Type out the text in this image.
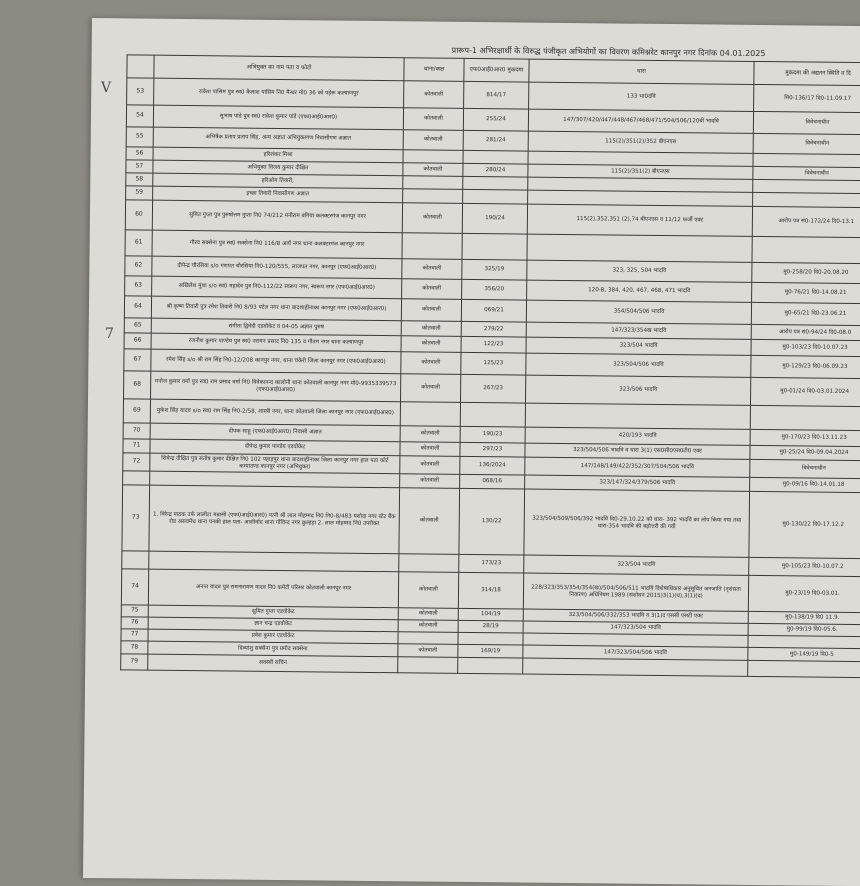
प्रारूप-1 अभिरक्षार्थी के विरुद्ध पंजीकृत अभियोगों का विवरण कमिश्नरेट कानपुर नगर दिनांक 04.01.2025
	अभियुक्त का नाम पता व फोटो	थाना/कक्ष	एफ0आई0आर0 मुकदमा	धारा	मुकदमा की अद्यतन स्थिति व दि
53	राकेश पासिम पुत्र स्व0 कैलाश पासिम नि0 मैन्धर मो0 36 को पड़ेरू कल्याणपुर	कोतवाली	814/17	133 भा0दंवि	मि0-136/17 दि0-11.09.17
54	सुभाष पांडे पुत्र स्व0 राकेश कुमार पांडे (एफ0आई0आर0)	कोतवाली	255/24	147/307/420/447/448/467/468/471/504/506/120बी भादवि	विवेचनाधीन
55	अभिषेक प्रताप प्रताप सिंह, अन्य अज्ञात अभियुक्तगण निवासीगण अज्ञात	कोतवाली	281/24	115(2)/351(2)/352 बीएनएस	विवेचनाधीन
56	हरिशंकर मिश्रा				
57	अभियुक्त विजय कुमार दीक्षित	कोतवाली	280/24	115(2)/351(2) बीएनएस	विवेचनाधीन
58	हरिओम तिवारी,				
59	इच्छा तिवारी निवासीगण अज्ञात				
60	सुमित गुप्ता पुत्र पुरुषोत्तम गुप्ता नि0 74/212 मनीराम बगिया कलक्टरगंज कानपुर नगर	कोतवाली	190/24	115(2),352,351 (2),74 बीएनएस व 11/12 फर्जी एक्ट	आरोप पत्र सं0-172/24 दि0-13.1
61	गौरव सक्सेना पुत्र स्व0 सक्सेना नि0 116/8 आर्य नगर थाना कलक्टरगंज कानपुर नगर				
62	दीपेन्द्र चौरसिया s/o गणपत चौरसिया नि0-120/555, लाजपत नगर, कानपुर (एफ0आई0आर0)	कोतवाली	325/19	323, 325, 504 भादवि	मु0-258/20 दि0-20.08.20
63	अखिलेश मुंशा s/o स्व0 महादेव पुत्र नि0-112/22 स्वरूप नगर, स्वरूप नगर (एफ0आई0आर0)	कोतवाली	356/20	120-B, 384, 420, 467, 468, 471 भादवि	मु0-76/21 दि0-14.08.21
64	श्री कृष्ण तिवारी पुत्र रमेश तिवारी नि0 8/93 पटेल नगर थाना बादशाहीनाका कानपुर नगर (एफ0आई0आर0)	कोतवाली	069/21	354/504/506 भादवि	मु0-65/21 दि0-23.06.21
65	संगीता द्विवेदी एडवोकेट व 04-05 अज्ञात पुरुष	कोतवाली	279/22	147/323/354ख भादवि	आरोप पत्र सं0-94/24 दि0-08.0
66	रजनीश कुमार पाण्डेय पुत्र स्व0 नरायन प्रसाद नि0 135 व गौतम नगर थाना कल्याणपुर	कोतवाली	122/23	323/504 भादवि	मु0-103/23 दि0-10.07.23
67	रमेश सिंह s/o श्री राम सिंह नि0-12/208 कानपुर नगर, थाना चकेरी जिला कानपुर नगर (एफ0आई0आर0)	कोतवाली	125/23	323/504/506 भादवि	मु0-129/23 दि0-06.09.23
68	मनोज कुमार वर्मा पुत्र स्व0 राम प्रसाद वर्मा नि0 विवेकानन्द कालोनी थाना कोतवाली कानपुर नगर मो0-9935339573 (एफ0आई0आर0)	कोतवाली	267/23	323/506 भादवि	मु0-01/24 दि0-03.01.2024
69	मुकेश सिंह यादव s/o स्व0 राम सिंह नि0-2/58, शास्त्री नगर, थाना कोतवाली जिला कानपुर नगर (एफ0आई0आर0)				
70	दीपक साहू (एफ0आई0आर0) निवासी अज्ञात	कोतवाली	190/23	420/193 भादवि	मु0-170/23 दि0-13.11.23
71	दीपेन्द्र कुमार पाण्डेय एडवोकेट	कोतवाली	297/23	323/504/506 भादवि व धारा 3(1) एस0सी0एस0टी0 एक्ट	मु0-25/24 दि0-09.04.2024
72	शिवेन्द्र दीक्षित पुत्र संतोष कुमार दीक्षित नि0 102 पहाड़पुर थाना बादशाहीनाका जिला कानपुर नगर हाल पता कोर्ट कम्पाउण्ड कानपुर नगर (अभियुक्त)	कोतवाली	136/2024	147/148/149/422/352/307/504/506 भादवि	विवेचनाधीन
		कोतवाली	068/16	323/147/324/379/506 भादवि	मु0-09/16 दि0-14.01.18
73	1. विरेन्द्र पाठक उर्फ लालीटा मन्नासी (एफ0आई0आर0) पत्नी श्री लाल मोहम्मद नि0 नि0-8/483 यशोदा नगर स्टेट बैंक रोड असवमेध थाना पनकी हाल पता- आशीर्वाद थाना गोविन्द नगर कुल्हड़ा 2. लाल मोहम्मद नि0 उपरोक्त	कोतवाली	130/22	323/504/509/506/392 भादवि दि0-29.10.22 को धारा- 392 भादवि का लोप किया गया तथा धारा-354 भादवि की बढ़ोत्तरी की गयी	मु0-130/22 दि0-17.12.2
			173/23	323/504 भादवि	मु0-105/23 दि0-10.07.2
74	अनन्त यादव पुत्र रामनारायण यादव नि0 कमेटी परिसर कोतवाली कानपुर नगर	कोतवाली	314/18	228/323/353/354/354(ख)/504/506/511 भादवि विशेषाधिकार अनुसूचित जनजाति (नृशंसता निवारण) अधिनियम 1989 (संशोधन 2015)3(1)(ध),3(1)(द)	मु0-23/19 दि0-03.01.
75	सुमित गुप्ता एडवोकेट	कोतवाली	104/19	323/504/506/332/353 भादवि व 3(1)द एससी एसटी एक्ट	मु0-138/19 दि0 11.9.
76	ज्ञान चन्द्र एडवोकेट	कोतवाली	28/19	147/323/504 भादवि	मु0-99/19 दि0-05.6.
77	प्रवेश कुमार एडवोकेट				
78	दिव्यांशु सक्सेना पुत्र प्रमोद सक्सेना	कोतवाली	169/19	147/323/504/506 भादवि	मु0-149/19 दि0-5
79	अवस्थी सचिन				
V
7
